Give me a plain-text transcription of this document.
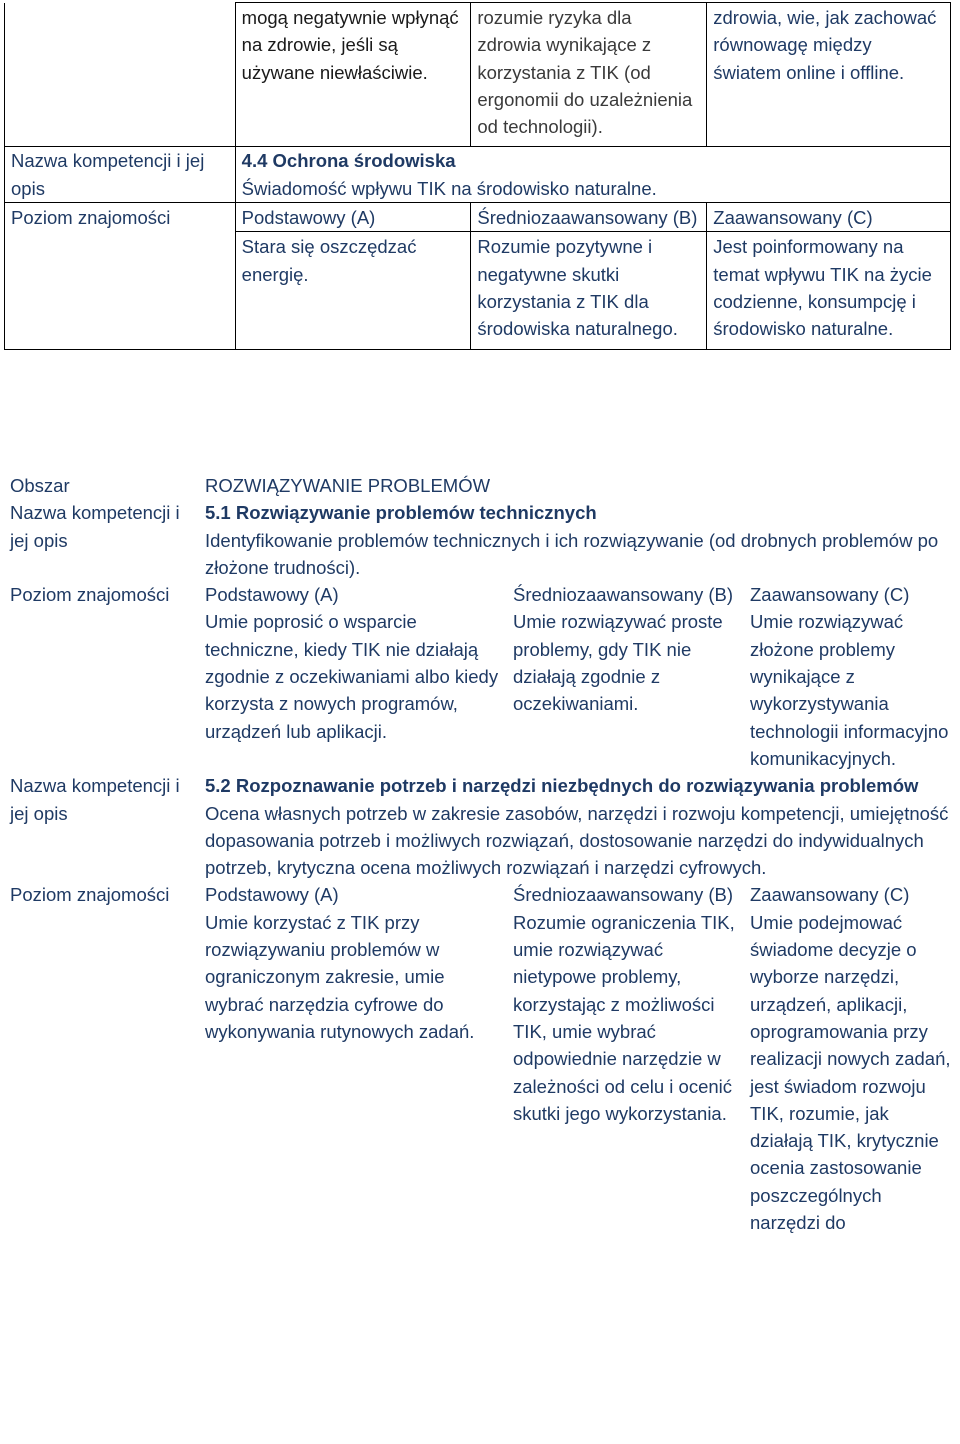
	mogą negatywnie wpłynąć na zdrowie, jeśli są używane niewłaściwie.	rozumie ryzyka dla zdrowia wynikające z korzystania z TIK (od ergonomii do uzależnienia od technologii).	zdrowia, wie, jak zachować równowagę między światem online i offline.
Nazwa kompetencji i jej opis	4.4 Ochrona środowiska
Świadomość wpływu TIK na środowisko naturalne.		

Poziom znajomości	Podstawowy (A)	Średniozaawansowany (B)	Zaawansowany (C)
	Stara się oszczędzać energię.	Rozumie pozytywne i negatywne skutki korzystania z TIK dla środowiska naturalnego.	Jest poinformowany na temat wpływu TIK na życie codzienne, konsumpcję i środowisko naturalne.
Obszar	ROZWIĄZYWANIE PROBLEMÓW		
Nazwa kompetencji i jej opis	5.1 Rozwiązywanie problemów technicznych
Identyfikowanie problemów technicznych i ich rozwiązywanie (od drobnych problemów po złożone trudności).		

Poziom znajomości	Podstawowy (A)	Średniozaawansowany (B)	Zaawansowany (C)
	Umie poprosić o wsparcie techniczne, kiedy TIK nie działają zgodnie z oczekiwaniami albo kiedy korzysta z nowych programów, urządzeń lub aplikacji.	Umie rozwiązywać proste problemy, gdy TIK nie działają zgodnie z oczekiwaniami.	Umie rozwiązywać złożone problemy wynikające z wykorzystywania technologii informacyjno komunikacyjnych.
Nazwa kompetencji i jej opis	5.2 Rozpoznawanie potrzeb i narzędzi niezbędnych do rozwiązywania problemów
Ocena własnych potrzeb w zakresie zasobów, narzędzi i rozwoju kompetencji, umiejętność dopasowania potrzeb i możliwych rozwiązań, dostosowanie narzędzi do indywidualnych potrzeb, krytyczna ocena możliwych rozwiązań i narzędzi cyfrowych.		

Poziom znajomości	Podstawowy (A)	Średniozaawansowany (B)	Zaawansowany (C)
	Umie korzystać z TIK przy rozwiązywaniu problemów w ograniczonym zakresie, umie wybrać narzędzia cyfrowe do wykonywania rutynowych zadań.	Rozumie ograniczenia TIK, umie rozwiązywać nietypowe problemy, korzystając z możliwości TIK, umie wybrać odpowiednie narzędzie w zależności od celu i ocenić skutki jego wykorzystania.	Umie podejmować świadome decyzje o wyborze narzędzi, urządzeń, aplikacji, oprogramowania przy realizacji nowych zadań, jest świadom rozwoju TIK, rozumie, jak działają TIK, krytycznie ocenia zastosowanie poszczególnych narzędzi do
